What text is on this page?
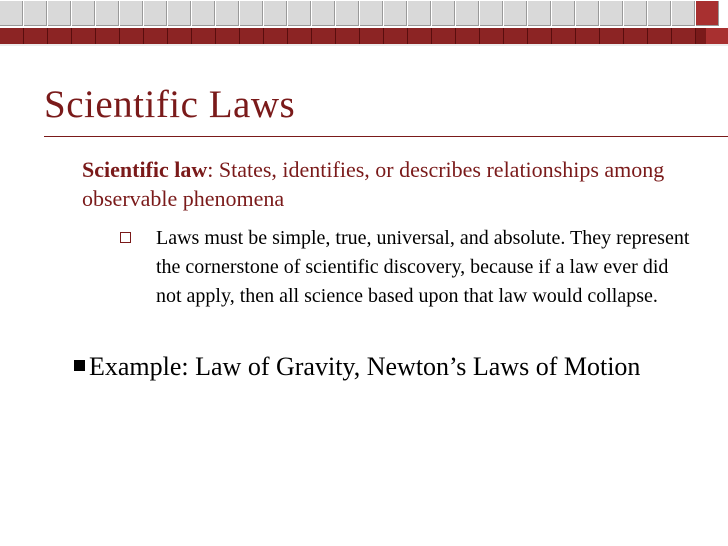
Scientific Laws

Scientific law: States, identifies, or describes relationships among observable phenomena

Laws must be simple, true, universal, and absolute. They represent the cornerstone of scientific discovery, because if a law ever did not apply, then all science based upon that law would collapse.
Example: Law of Gravity, Newton’s Laws of Motion
